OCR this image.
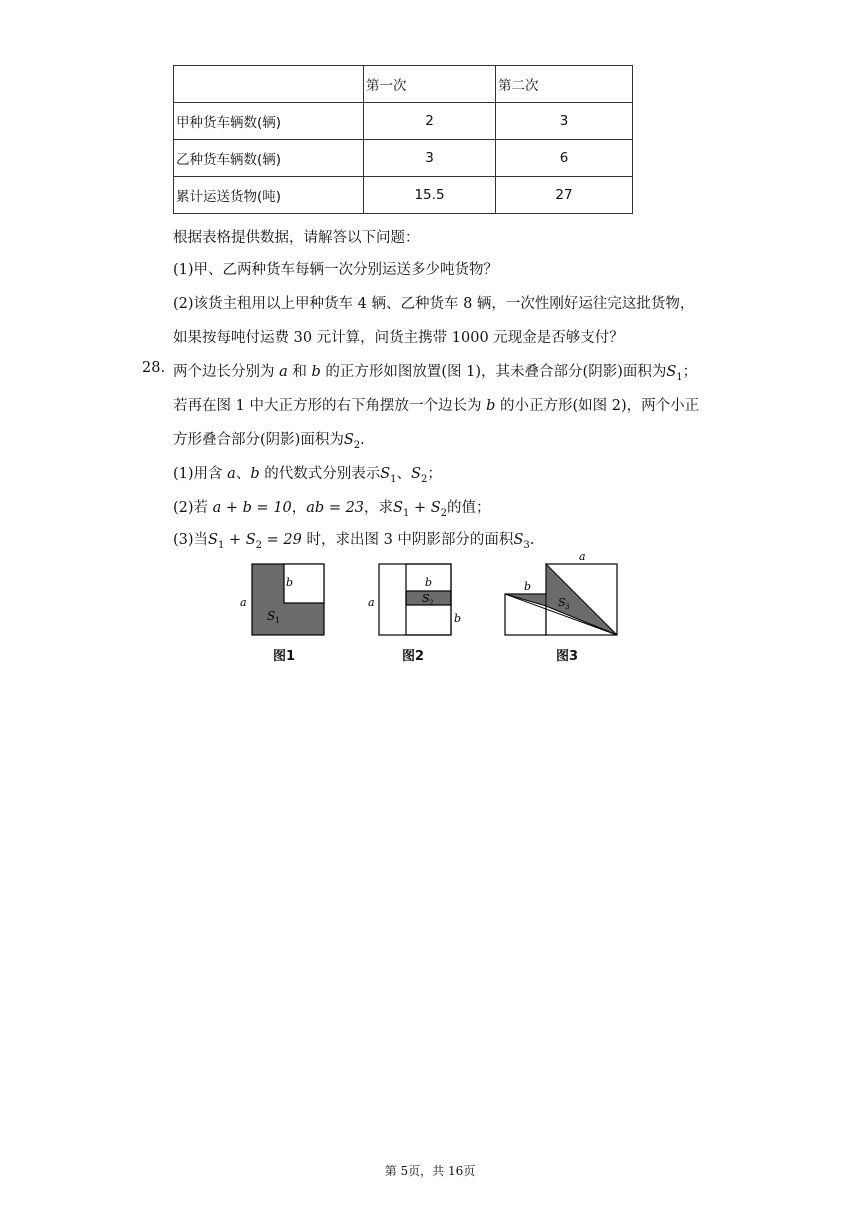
	第一次	第二次
甲种货车辆数(辆)	2	3
乙种货车辆数(辆)	3	6
累计运送货物(吨)	15.5	27
根据表格提供数据，请解答以下问题：
(1)甲、乙两种货车每辆一次分别运送多少吨货物？
(2)该货主租用以上甲种货车 4 辆、乙种货车 8 辆，一次性刚好运往完这批货物，
如果按每吨付运费 30 元计算，问货主携带 1000 元现金是否够支付？
28. 两个边长分别为 a 和 b 的正方形如图放置(图 1)，其未叠合部分(阴影)面积为$S_1$；
若再在图 1 中大正方形的右下角摆放一个边长为 b 的小正方形(如图 2)，两个小正
方形叠合部分(阴影)面积为$S_2$.
(1)用含 a、b 的代数式分别表示$S_1$、$S_2$；
(2)若 a + b = 10，ab = 23，求$S_1 + S_2$的值；
(3)当$S_1 + S_2 = 29$ 时，求出图 3 中阴影部分的面积$S_3$.
a
b
S 1
a
b
b
S 2
a
b
S 3
图1	图2	图3
第 5页，共 16页
